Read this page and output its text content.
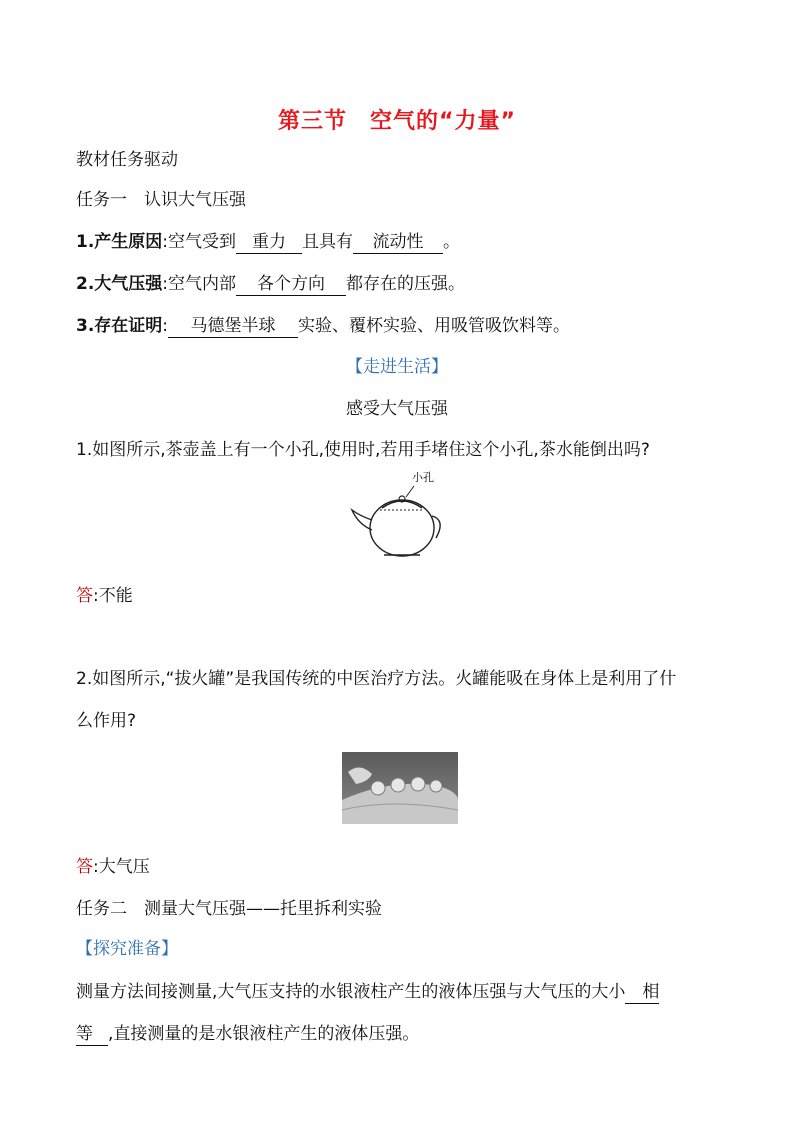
第三节　空气的“力量”
教材任务驱动
任务一　认识大气压强
1.产生原因:空气受到 重力 且具有 流动性 。
2.大气压强:空气内部 各个方向 都存在的压强。
3.存在证明: 马德堡半球 实验、覆杯实验、用吸管吸饮料等。
【走进生活】
感受大气压强
1.如图所示,茶壶盖上有一个小孔,使用时,若用手堵住这个小孔,茶水能倒出吗?
小孔
答:不能
2.如图所示,“拔火罐”是我国传统的中医治疗方法。火罐能吸在身体上是利用了什
么作用?
答:大气压
任务二　测量大气压强——托里拆利实验
【探究准备】
测量方法间接测量,大气压支持的水银液柱产生的液体压强与大气压的大小 相
等 ,直接测量的是水银液柱产生的液体压强。
